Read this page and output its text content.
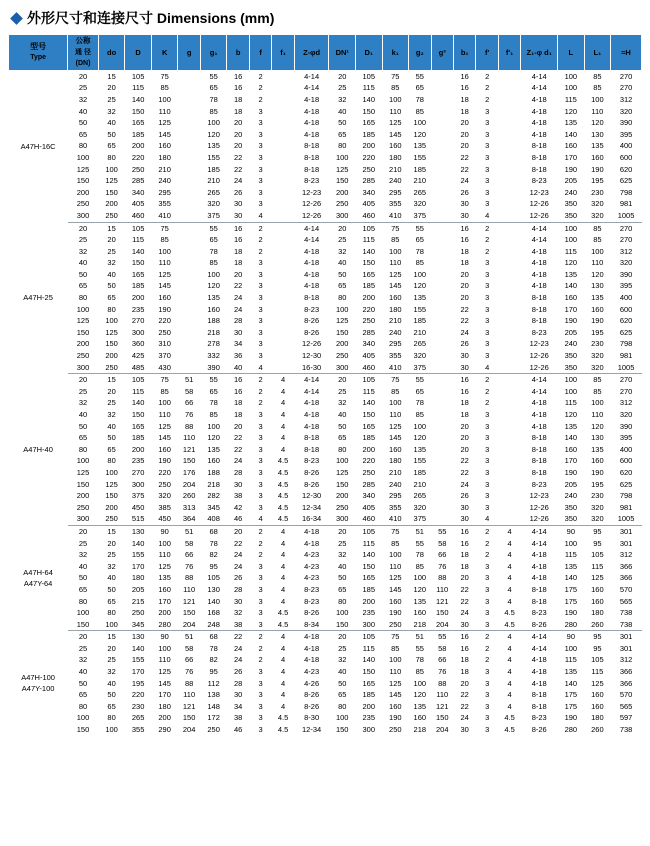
外形尺寸和连接尺寸 Dimensions (mm)
型号
Type	公称
通 径
(DN)	do	D	K	g	g₁	b	f	f₁	Z-φd	DN¹	D₁	k₁	g₂	g³	b₁	f'	f'₁	Z₁-φ d₁	L	L₁	≈H

A47H-16C	20	15	105	75		55	16	2		4-14	20	105	75	55		16	2		4-14	100	85	270
	25	20	115	85		65	16	2		4-14	25	115	85	65		16	2		4-14	100	85	270
	32	25	140	100		78	18	2		4-18	32	140	100	78		18	2		4-18	115	100	312
	40	32	150	110		85	18	3		4-18	40	150	110	85		18	3		4-18	120	110	320
	50	40	165	125		100	20	3		4-18	50	165	125	100		20	3		4-18	135	120	390
	65	50	185	145		120	20	3		4-18	65	185	145	120		20	3		4-18	140	130	395
	80	65	200	160		135	20	3		8-18	80	200	160	135		20	3		8-18	160	135	400
	100	80	220	180		155	22	3		8-18	100	220	180	155		22	3		8-18	170	160	600
	125	100	250	210		185	22	3		8-18	125	250	210	185		22	3		8-18	190	190	620
	150	125	285	240		210	24	3		8-23	150	285	240	210		24	3		8-23	205	195	625
	200	150	340	295		265	26	3		12-23	200	340	295	265		26	3		12-23	240	230	798
	250	200	405	355		320	30	3		12-26	250	405	355	320		30	3		12-26	350	320	981
	300	250	460	410		375	30	4		12-26	300	460	410	375		30	4		12-26	350	320	1005

A47H-25	20	15	105	75		55	16	2		4-14	20	105	75	55		16	2		4-14	100	85	270
	25	20	115	85		65	16	2		4-14	25	115	85	65		16	2		4-14	100	85	270
	32	25	140	100		78	18	2		4-18	32	140	100	78		18	2		4-18	115	100	312
	40	32	150	110		85	18	3		4-18	40	150	110	85		18	3		4-18	120	110	320
	50	40	165	125		100	20	3		4-18	50	165	125	100		20	3		4-18	135	120	390
	65	50	185	145		120	22	3		4-18	65	185	145	120		20	3		4-18	140	130	395
	80	65	200	160		135	24	3		8-18	80	200	160	135		20	3		8-18	160	135	400
	100	80	235	190		160	24	3		8-23	100	220	180	155		22	3		8-18	170	160	600
	125	100	270	220		188	28	3		8-26	125	250	210	185		22	3		8-18	190	190	620
	150	125	300	250		218	30	3		8-26	150	285	240	210		24	3		8-23	205	195	625
	200	150	360	310		278	34	3		12-26	200	340	295	265		26	3		12-23	240	230	798
	250	200	425	370		332	36	3		12-30	250	405	355	320		30	3		12-26	350	320	981
	300	250	485	430		390	40	4		16-30	300	460	410	375		30	4		12-26	350	320	1005

A47H-40	20	15	105	75	51	55	16	2	4	4-14	20	105	75	55		16	2		4-14	100	85	270
	25	20	115	85	58	65	16	2	4	4-14	25	115	85	65		16	2		4-14	100	85	270
	32	25	140	100	66	78	18	2	4	4-18	32	140	100	78		18	2		4-18	115	100	312
	40	32	150	110	76	85	18	3	4	4-18	40	150	110	85		18	3		4-18	120	110	320
	50	40	165	125	88	100	20	3	4	4-18	50	165	125	100		20	3		4-18	135	120	390
	65	50	185	145	110	120	22	3	4	8-18	65	185	145	120		20	3		8-18	140	130	395
	80	65	200	160	121	135	22	3	4	8-18	80	200	160	135		20	3		8-18	160	135	400
	100	80	235	190	150	160	24	3	4.5	8-23	100	220	180	155		22	3		8-18	170	160	600
	125	100	270	220	176	188	28	3	4.5	8-26	125	250	210	185		22	3		8-18	190	190	620
	150	125	300	250	204	218	30	3	4.5	8-26	150	285	240	210		24	3		8-23	205	195	625
	200	150	375	320	260	282	38	3	4.5	12-30	200	340	295	265		26	3		12-23	240	230	798
	250	200	450	385	313	345	42	3	4.5	12-34	250	405	355	320		30	3		12-26	350	320	981
	300	250	515	450	364	408	46	4	4.5	16-34	300	460	410	375		30	4		12-26	350	320	1005

A47H-64
A47Y-64	20	15	130	90	51	68	20	2	4	4-18	20	105	75	51	55	16	2	4	4-14	90	95	301
	25	20	140	100	58	78	22	2	4	4-18	25	115	85	55	58	16	2	4	4-14	100	95	301
	32	25	155	110	66	82	24	2	4	4-23	32	140	100	78	66	18	2	4	4-18	115	105	312
	40	32	170	125	76	95	24	3	4	4-23	40	150	110	85	76	18	3	4	4-18	135	115	366
	50	40	180	135	88	105	26	3	4	4-23	50	165	125	100	88	20	3	4	4-18	140	125	366
	65	50	205	160	110	130	28	3	4	8-23	65	185	145	120	110	22	3	4	8-18	175	160	570
	80	65	215	170	121	140	30	3	4	8-23	80	200	160	135	121	22	3	4	8-18	175	160	565
	100	80	250	200	150	168	32	3	4.5	8-26	100	235	190	160	150	24	3	4.5	8-23	190	180	738
	150	100	345	280	204	248	38	3	4.5	8-34	150	300	250	218	204	30	3	4.5	8-26	280	260	738

A47H-100
A47Y-100	20	15	130	90	51	68	22	2	4	4-18	20	105	75	51	55	16	2	4	4-14	90	95	301
	25	20	140	100	58	78	24	2	4	4-18	25	115	85	55	58	16	2	4	4-14	100	95	301
	32	25	155	110	66	82	24	2	4	4-18	32	140	100	78	66	18	2	4	4-18	115	105	312
	40	32	170	125	76	95	26	3	4	4-23	40	150	110	85	76	18	3	4	4-18	135	115	366
	50	40	195	145	88	112	28	3	4	4-26	50	165	125	100	88	20	3	4	4-18	140	125	366
	65	50	220	170	110	138	30	3	4	8-26	65	185	145	120	110	22	3	4	8-18	175	160	570
	80	65	230	180	121	148	34	3	4	8-26	80	200	160	135	121	22	3	4	8-18	175	160	565
	100	80	265	200	150	172	38	3	4.5	8-30	100	235	190	160	150	24	3	4.5	8-23	190	180	597
	150	100	355	290	204	250	46	3	4.5	12-34	150	300	250	218	204	30	3	4.5	8-26	280	260	738
